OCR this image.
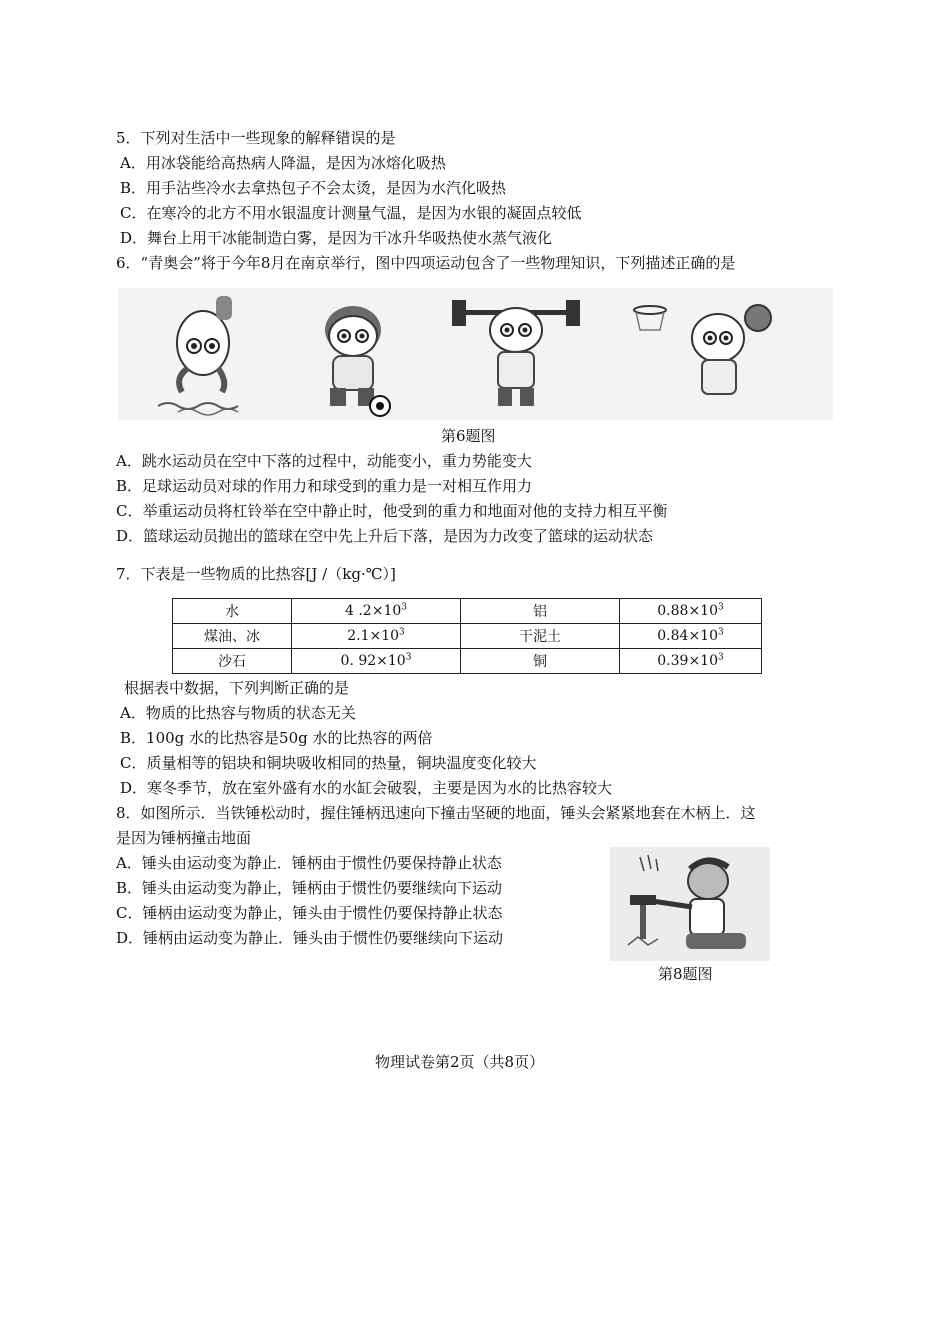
5．下列对生活中一些现象的解释错误的是
A．用冰袋能给高热病人降温，是因为冰熔化吸热
B．用手沾些冷水去拿热包子不会太烫，是因为水汽化吸热
C．在寒冷的北方不用水银温度计测量气温，是因为水银的凝固点较低
D．舞台上用干冰能制造白雾，是因为干冰升华吸热使水蒸气液化
6．“青奥会”将于今年8月在南京举行，图中四项运动包含了一些物理知识，下列描述正确的是
第6题图
A．跳水运动员在空中下落的过程中，动能变小，重力势能变大
B．足球运动员对球的作用力和球受到的重力是一对相互作用力
C．举重运动员将杠铃举在空中静止时，他受到的重力和地面对他的支持力相互平衡
D．篮球运动员抛出的篮球在空中先上升后下落，是因为力改变了篮球的运动状态
7．下表是一些物质的比热容[J /（kg·℃）]
水	4 $.2\times 10^3$	铝	$0.88\times 10^3$
煤油、冰	$2.1\times 10^3$	干泥土	$0.84\times 10^3$
沙石	0. $92\times 10^3$	铜	$0.39\times 10^3$
根据表中数据，下列判断正确的是
A．物质的比热容与物质的状态无关
B．100g 水的比热容是50g 水的比热容的两倍
C．质量相等的铝块和铜块吸收相同的热量，铜块温度变化较大
D．寒冬季节，放在室外盛有水的水缸会破裂，主要是因为水的比热容较大
8．如图所示．当铁锤松动时，握住锤柄迅速向下撞击坚硬的地面，锤头会紧紧地套在木柄上．这
是因为锤柄撞击地面
A．锤头由运动变为静止．锤柄由于惯性仍要保持静止状态
B．锤头由运动变为静止，锤柄由于惯性仍要继续向下运动
C．锤柄由运动变为静止，锤头由于惯性仍要保持静止状态
D．锤柄由运动变为静止．锤头由于惯性仍要继续向下运动
第8题图
物理试卷第2页（共8页）
